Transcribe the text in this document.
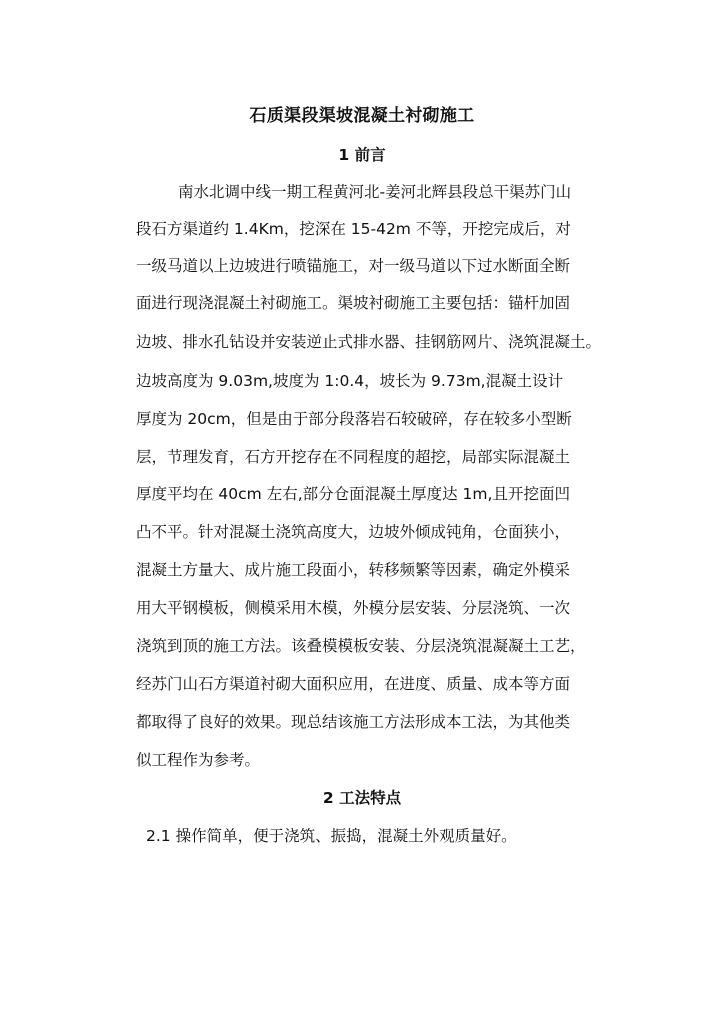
石质渠段渠坡混凝土衬砌施工
1 前言
南水北调中线一期工程黄河北-姜河北辉县段总干渠苏门山
段石方渠道约 1.4Km，挖深在 15-42m 不等，开挖完成后，对
一级马道以上边坡进行喷锚施工，对一级马道以下过水断面全断
面进行现浇混凝土衬砌施工。渠坡衬砌施工主要包括：锚杆加固
边坡、排水孔钻设并安装逆止式排水器、挂钢筋网片、浇筑混凝土。
边坡高度为 9.03m,坡度为 1:0.4，坡长为 9.73m,混凝土设计
厚度为 20cm，但是由于部分段落岩石较破碎，存在较多小型断
层，节理发育，石方开挖存在不同程度的超挖，局部实际混凝土
厚度平均在 40cm 左右,部分仓面混凝土厚度达 1m,且开挖面凹
凸不平。针对混凝土浇筑高度大，边坡外倾成钝角，仓面狭小，
混凝土方量大、成片施工段面小，转移频繁等因素，确定外模采
用大平钢模板，侧模采用木模，外模分层安装、分层浇筑、一次
浇筑到顶的施工方法。该叠模模板安装、分层浇筑混凝凝土工艺，
经苏门山石方渠道衬砌大面积应用，在进度、质量、成本等方面
都取得了良好的效果。现总结该施工方法形成本工法，为其他类
似工程作为参考。
2 工法特点
2.1 操作简单，便于浇筑、振捣，混凝土外观质量好。
